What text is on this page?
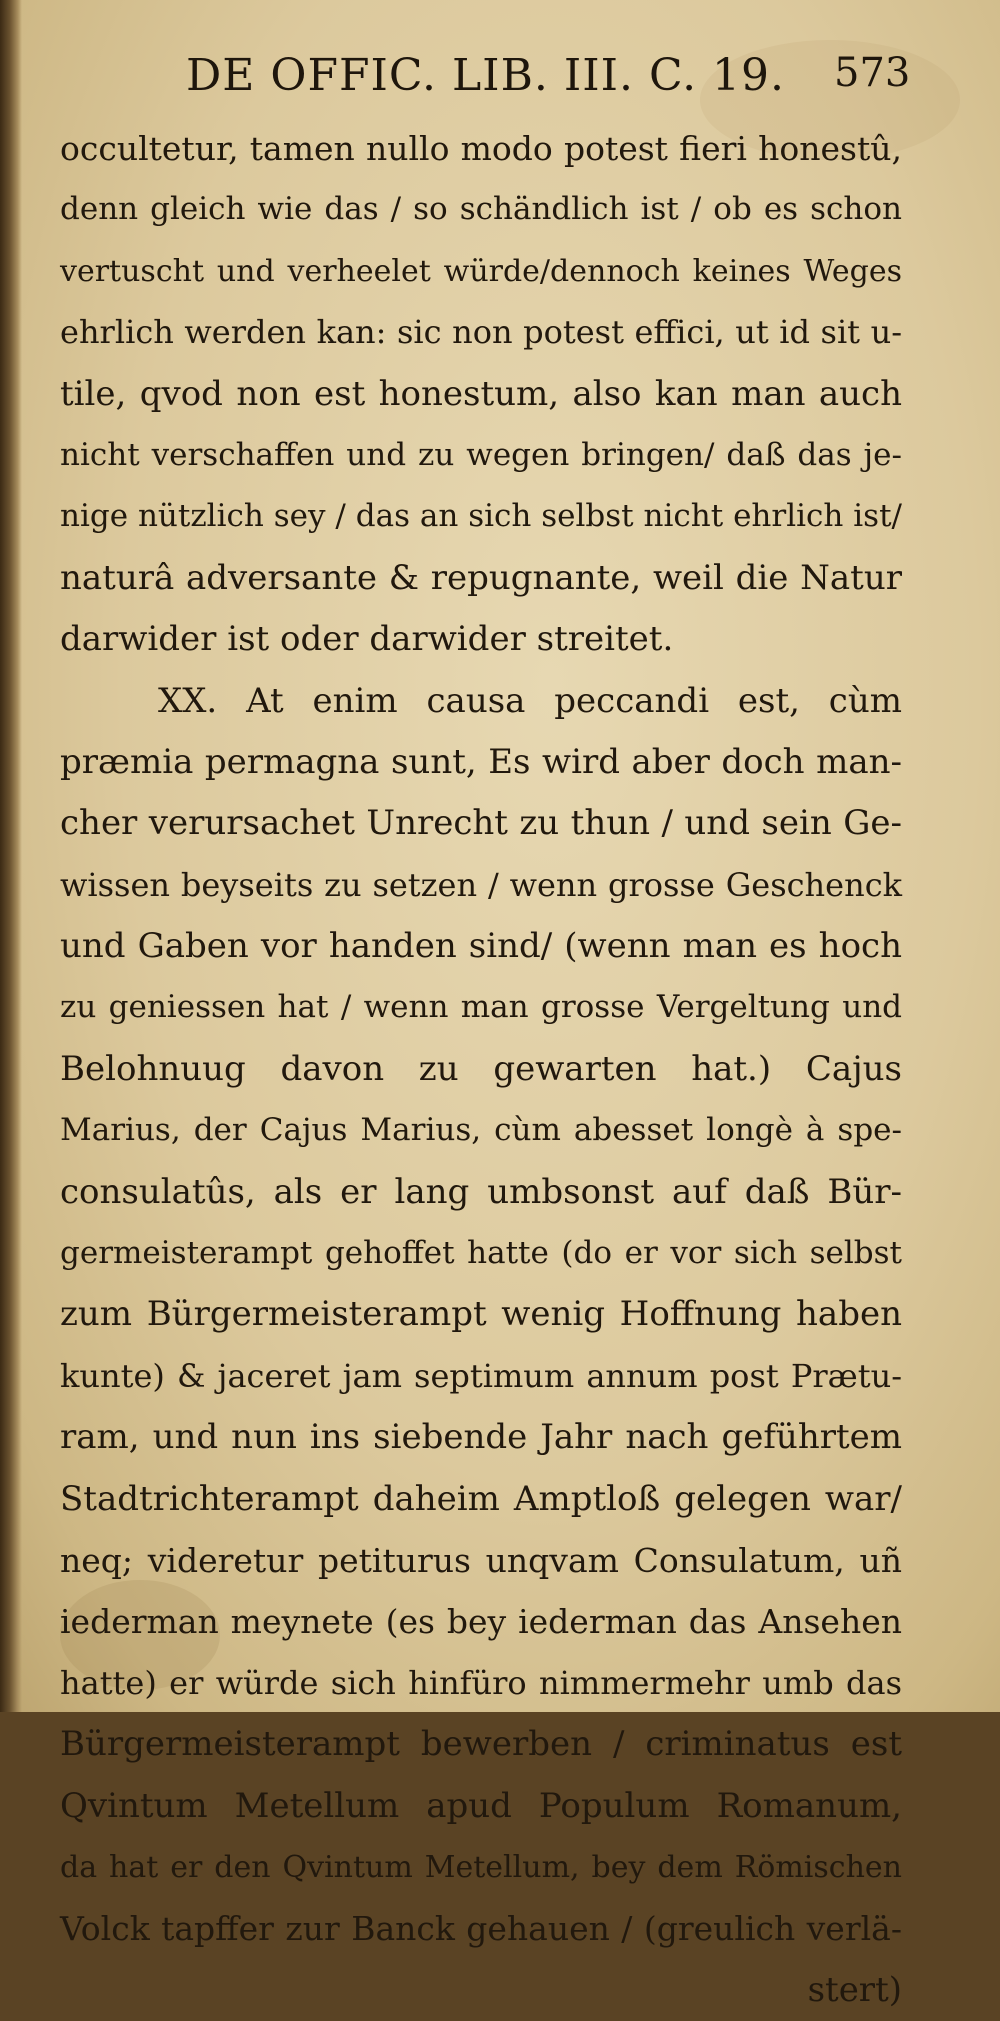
DE OFFIC. LIB. III. C. 19. 573
occultetur, tamen nullo modo potest fieri honestû,
denn gleich wie das / so schändlich ist / ob es schon
vertuscht und verheelet würde/dennoch keines Weges
ehrlich werden kan: sic non potest effici, ut id sit u-
tile, qvod non est honestum, also kan man auch
nicht verschaffen und zu wegen bringen/ daß das je-
nige nützlich sey / das an sich selbst nicht ehrlich ist/
naturâ adversante & repugnante, weil die Natur
darwider ist oder darwider streitet.
XX. At enim causa peccandi est, cùm
præmia permagna sunt, Es wird aber doch man-
cher verursachet Unrecht zu thun / und sein Ge-
wissen beyseits zu setzen / wenn grosse Geschenck
und Gaben vor handen sind/ (wenn man es hoch
zu geniessen hat / wenn man grosse Vergeltung und
Belohnuug davon zu gewarten hat.) Cajus
Marius, der Cajus Marius, cùm abesset longè à spe-
consulatûs, als er lang umbsonst auf daß Bür-
germeisterampt gehoffet hatte (do er vor sich selbst
zum Bürgermeisterampt wenig Hoffnung haben
kunte) & jaceret jam septimum annum post Prætu-
ram, und nun ins siebende Jahr nach geführtem
Stadtrichterampt daheim Amptloß gelegen war/
neq; videretur petiturus unqvam Consulatum, uñ
iederman meynete (es bey iederman das Ansehen
hatte) er würde sich hinfüro nimmermehr umb das
Bürgermeisterampt bewerben / criminatus est
Qvintum Metellum apud Populum Romanum,
da hat er den Qvintum Metellum, bey dem Römischen
Volck tapffer zur Banck gehauen / (greulich verlä-
stert)
